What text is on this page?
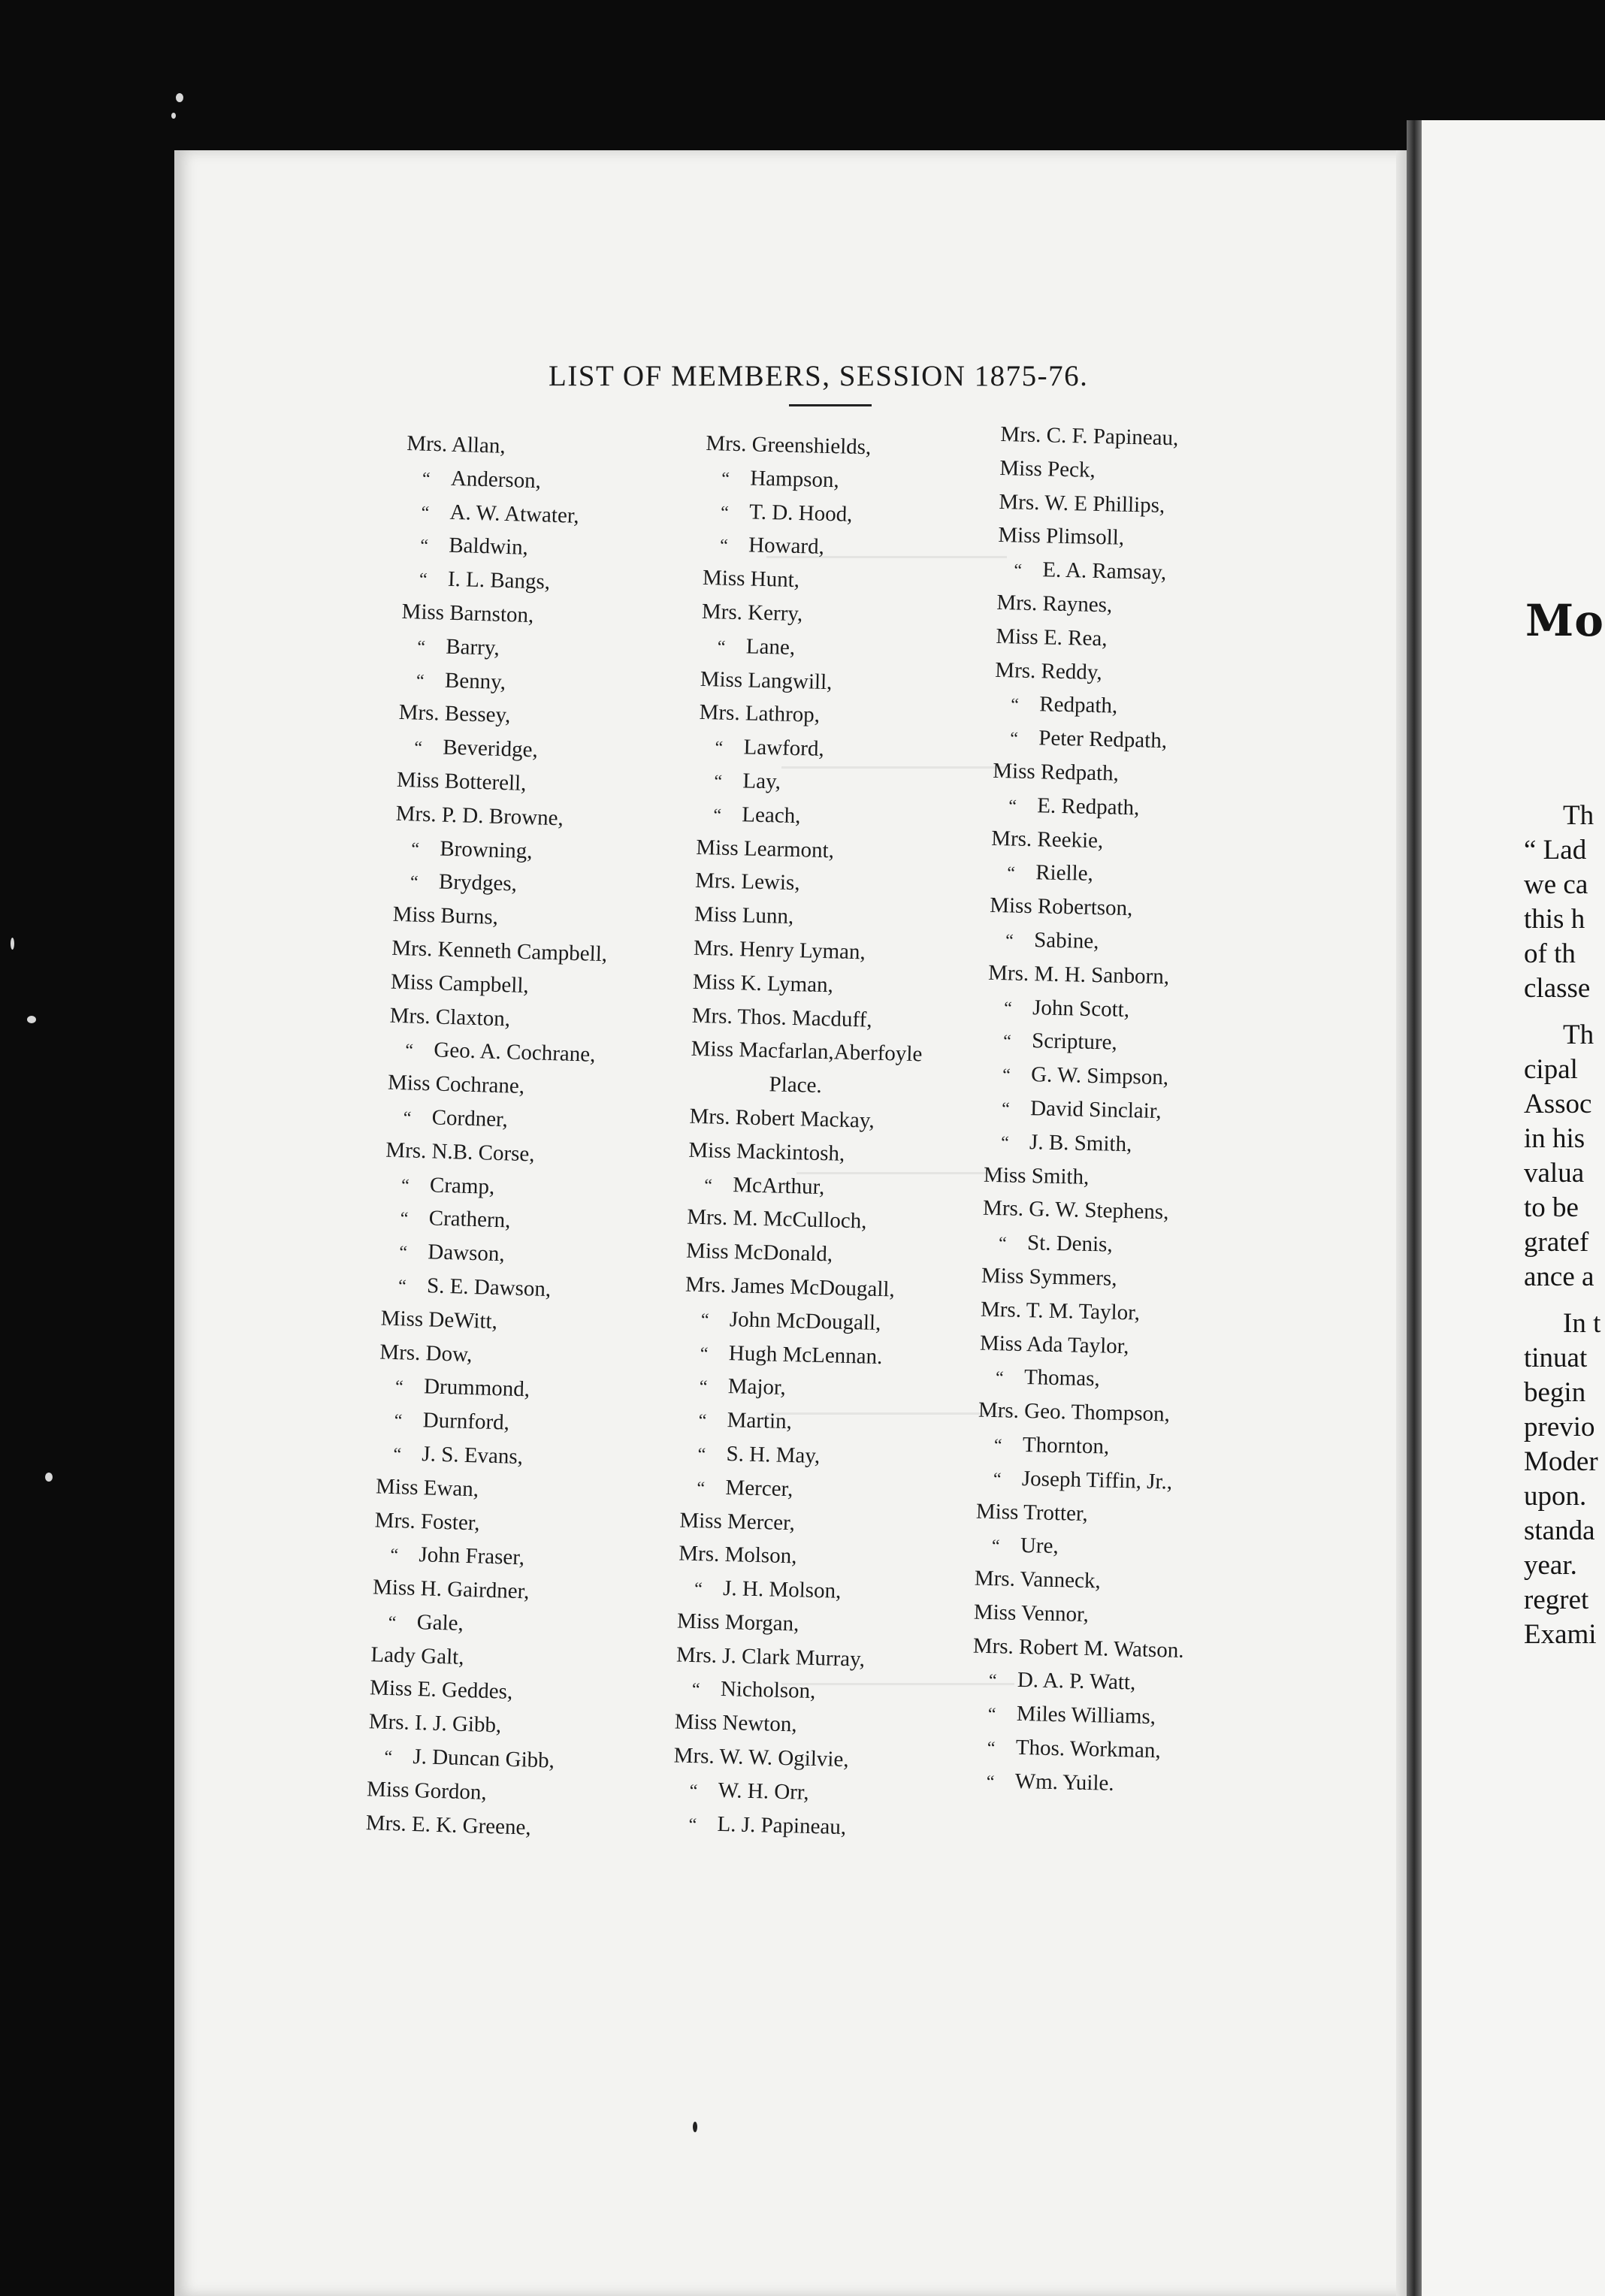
LIST OF MEMBERS, SESSION 1875-76.
Mrs. Allan,
“ Anderson,
“ A. W. Atwater,
“ Baldwin,
“ I. L. Bangs,
Miss Barnston,
“ Barry,
“ Benny,
Mrs. Bessey,
“ Beveridge,
Miss Botterell,
Mrs. P. D. Browne,
“ Browning,
“ Brydges,
Miss Burns,
Mrs. Kenneth Campbell,
Miss Campbell,
Mrs. Claxton,
“ Geo. A. Cochrane,
Miss Cochrane,
“ Cordner,
Mrs. N.B. Corse,
“ Cramp,
“ Crathern,
“ Dawson,
“ S. E. Dawson,
Miss DeWitt,
Mrs. Dow,
“ Drummond,
“ Durnford,
“ J. S. Evans,
Miss Ewan,
Mrs. Foster,
“ John Fraser,
Miss H. Gairdner,
“ Gale,
Lady Galt,
Miss E. Geddes,
Mrs. I. J. Gibb,
“ J. Duncan Gibb,
Miss Gordon,
Mrs. E. K. Greene,
Mrs. Greenshields,
“ Hampson,
“ T. D. Hood,
“ Howard,
Miss Hunt,
Mrs. Kerry,
“ Lane,
Miss Langwill,
Mrs. Lathrop,
“ Lawford,
“ Lay,
“ Leach,
Miss Learmont,
Mrs. Lewis,
Miss Lunn,
Mrs. Henry Lyman,
Miss K. Lyman,
Mrs. Thos. Macduff,
Miss Macfarlan,Aberfoyle
Place.
Mrs. Robert Mackay,
Miss Mackintosh,
“ McArthur,
Mrs. M. McCulloch,
Miss McDonald,
Mrs. James McDougall,
“ John McDougall,
“ Hugh McLennan.
“ Major,
“ Martin,
“ S. H. May,
“ Mercer,
Miss Mercer,
Mrs. Molson,
“ J. H. Molson,
Miss Morgan,
Mrs. J. Clark Murray,
“ Nicholson,
Miss Newton,
Mrs. W. W. Ogilvie,
“ W. H. Orr,
“ L. J. Papineau,
Mrs. C. F. Papineau,
Miss Peck,
Mrs. W. E Phillips,
Miss Plimsoll,
“ E. A. Ramsay,
Mrs. Raynes,
Miss E. Rea,
Mrs. Reddy,
“ Redpath,
“ Peter Redpath,
Miss Redpath,
“ E. Redpath,
Mrs. Reekie,
“ Rielle,
Miss Robertson,
“ Sabine,
Mrs. M. H. Sanborn,
“ John Scott,
“ Scripture,
“ G. W. Simpson,
“ David Sinclair,
“ J. B. Smith,
Miss Smith,
Mrs. G. W. Stephens,
“ St. Denis,
Miss Symmers,
Mrs. T. M. Taylor,
Miss Ada Taylor,
“ Thomas,
Mrs. Geo. Thompson,
“ Thornton,
“ Joseph Tiffin, Jr.,
Miss Trotter,
“ Ure,
Mrs. Vanneck,
Miss Vennor,
Mrs. Robert M. Watson.
“ D. A. P. Watt,
“ Miles Williams,
“ Thos. Workman,
“ Wm. Yuile.
Mo
Th
“ Lad
we ca
this h
of th
classe
Th
cipal
Assoc
in his
valua
to be
gratef
ance a
In t
tinuat
begin
previo
Moder
upon.
standa
year.
regret
Exami
